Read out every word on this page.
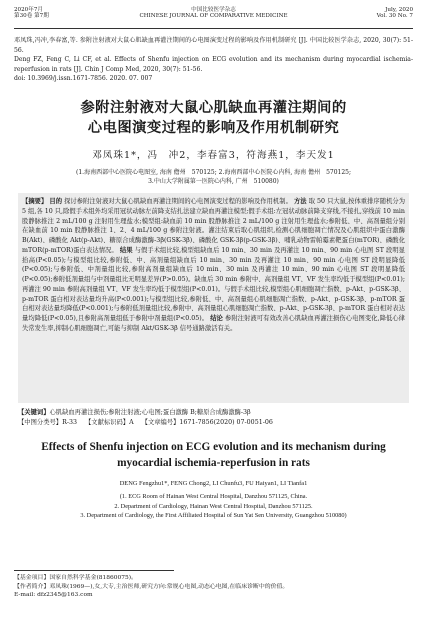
2020年7月	中国比较医学杂志	July, 2020
第30卷 第7期	CHINESE JOURNAL OF COMPARATIVE MEDICINE	Vol. 30 No. 7
邓凤珠,冯冲,李春富,等. 参附注射液对大鼠心肌缺血再灌注期间的心电图演变过程的影响及作用机制研究 [J]. 中国比较医学杂志, 2020, 30(7): 51-56.
Deng FZ, Feng C, Li CF, et al. Effects of Shenfu injection on ECG evolution and its mechanism during myocardial ischemia-reperfusion in rats [J]. Chin J Comp Med, 2020, 30(7): 51-56.
doi: 10.3969/j.issn.1671-7856. 2020. 07. 007
参附注射液对大鼠心肌缺血再灌注期间的
心电图演变过程的影响及作用机制研究
邓凤珠1*，冯　冲2，李春富3，符海燕1，李天发1
(1.海南西部中心医院心电图室, 海南 儋州　570125; 2.海南西部中心医院心内科, 海南 儋州　570125;
3.中山大学附属第一医院心内科, 广州　510080)
【摘要】 目的 探讨参附注射液对大鼠心肌缺血再灌注期间的心电图演变过程的影响及作用机制。 方法 取 50 只大鼠,按体重排序随机分为 5 组,各 10 只,除假手术组外均采用冠状动脉左前降支结扎法建立缺血再灌注模型;假手术组:左冠状动脉前降支穿线,不接扎,穿线前 10 min 股静脉推注 2 mL/100 g 注射用生理盐水;模型组:缺血前 10 min 股静脉推注 2 mL/100 g 注射用生理盐水;参附低、中、高剂量组分别在缺血前 10 min 股静脉推注 1、2、4 mL/100 g 参附注射液。灌注结束后取心肌组织,检测心肌细胞凋亡情况及心肌组织中蛋白激酶 B(Akt)、磷酸化 Akt(p-Akt)、糖原合成酶激酶-3β(GSK-3β)、磷酸化 GSK-3β(p-GSK-3β)、哺乳动物雷帕霉素靶蛋白(mTOR)、磷酸化 mTOR(p-mTOR)蛋白表达情况。 结果 与假手术组比较,模型组缺血后 10 min、30 min 及再灌注 10 min、90 min 心电图 ST 段明显抬高(P<0.05);与模型组比较,参附低、中、高剂量组缺血后 10 min、30 min 及再灌注 10 min、90 min 心电图 ST 段明显降低(P<0.05);与参附低、中剂量组比较,参附高剂量组缺血后 10 min、30 min 及再灌注 10 min、90 min 心电图 ST 段明显降低(P<0.05);参附低剂量组与中剂量组比无明显差异(P>0.05)。缺血后 30 min 参附中、高剂量组 VT、VF 发生率均低于模型组(P<0.01);再灌注 90 min 参附高剂量组 VT、VF 发生率均低于模型组(P<0.01)。与假手术组比较,模型组心肌细胞凋亡指数、p-Akt、p-GSK-3β、p-mTOR 蛋白相对表达量均升高(P<0.001);与模型组比较,参附低、中、高剂量组心肌细胞凋亡指数、p-Akt、p-GSK-3β、p-mTOR 蛋白相对表达量均降低(P<0.001);与参附低剂量组比较,参附中、高剂量组心肌细胞凋亡指数、p-Akt、p-GSK-3β、p-mTOR 蛋白相对表达量均降低(P<0.05),且参附高剂量组低于参附中剂量组(P<0.05)。 结论 参附注射液可有效改善心肌缺血再灌注损伤心电图变化,降低心律失常发生率,抑制心肌细胞凋亡,可能与抑制 Akt/GSK-3β 信号通路激活有关。
【关键词】心肌缺血再灌注损伤;参附注射液;心电图;蛋白激酶 B;糖原合成酶激酶-3β
【中图分类号】R-33 【文献标识码】A 【文章编号】1671-7856(2020) 07-0051-06
Effects of Shenfu injection on ECG evolution and its mechanism during
myocardial ischemia-reperfusion in rats
DENG Fengzhu1*, FENG Chong2, LI Chunfu3, FU Haiyan1, LI Tianfa1
(1. ECG Room of Hainan West Central Hospital, Danzhou 571125, China.
2. Department of Cardiology, Hainan West Central Hospital, Danzhou 571125.
3. Department of Cardiology, the First Affiliated Hospital of Sun Yat Sen University, Guangzhou 510080)
【基金项目】国家自然科学基金(81860075)。
【作者简介】邓凤珠(1969—),女,大专,主治医师,研究方向:常规心电图,动态心电图,在临床诊断中的价值。
E-mail: dfz2345@163.com
